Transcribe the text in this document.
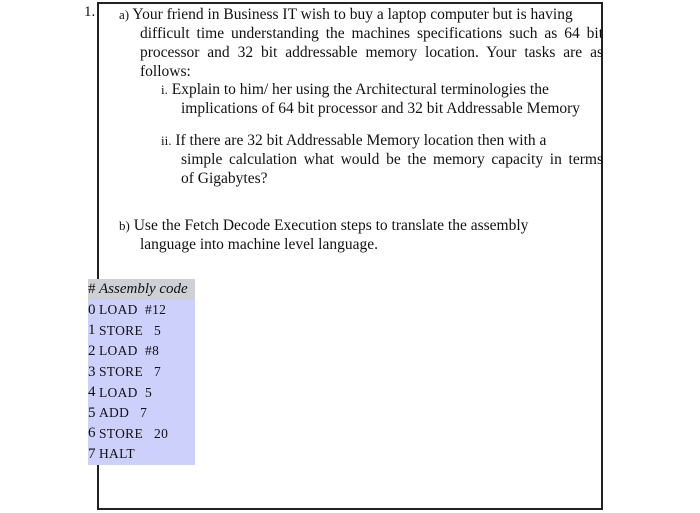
1. a) Your friend in Business IT wish to buy a laptop computer but is having
difficult time understanding the machines specifications such as 64 bit
processor and 32 bit addressable memory location. Your tasks are as
follows:
i. Explain to him/ her using the Architectural terminologies the
implications of 64 bit processor and 32 bit Addressable Memory
ii. If there are 32 bit Addressable Memory location then with a
simple calculation what would be the memory capacity in terms
of Gigabytes?
b) Use the Fetch Decode Execution steps to translate the assembly
language into machine level language.
# Assembly code
0 LOAD  #12
1 STORE   5
2 LOAD  #8
3 STORE   7
4 LOAD  5
5 ADD   7
6 STORE   20
7 HALT
